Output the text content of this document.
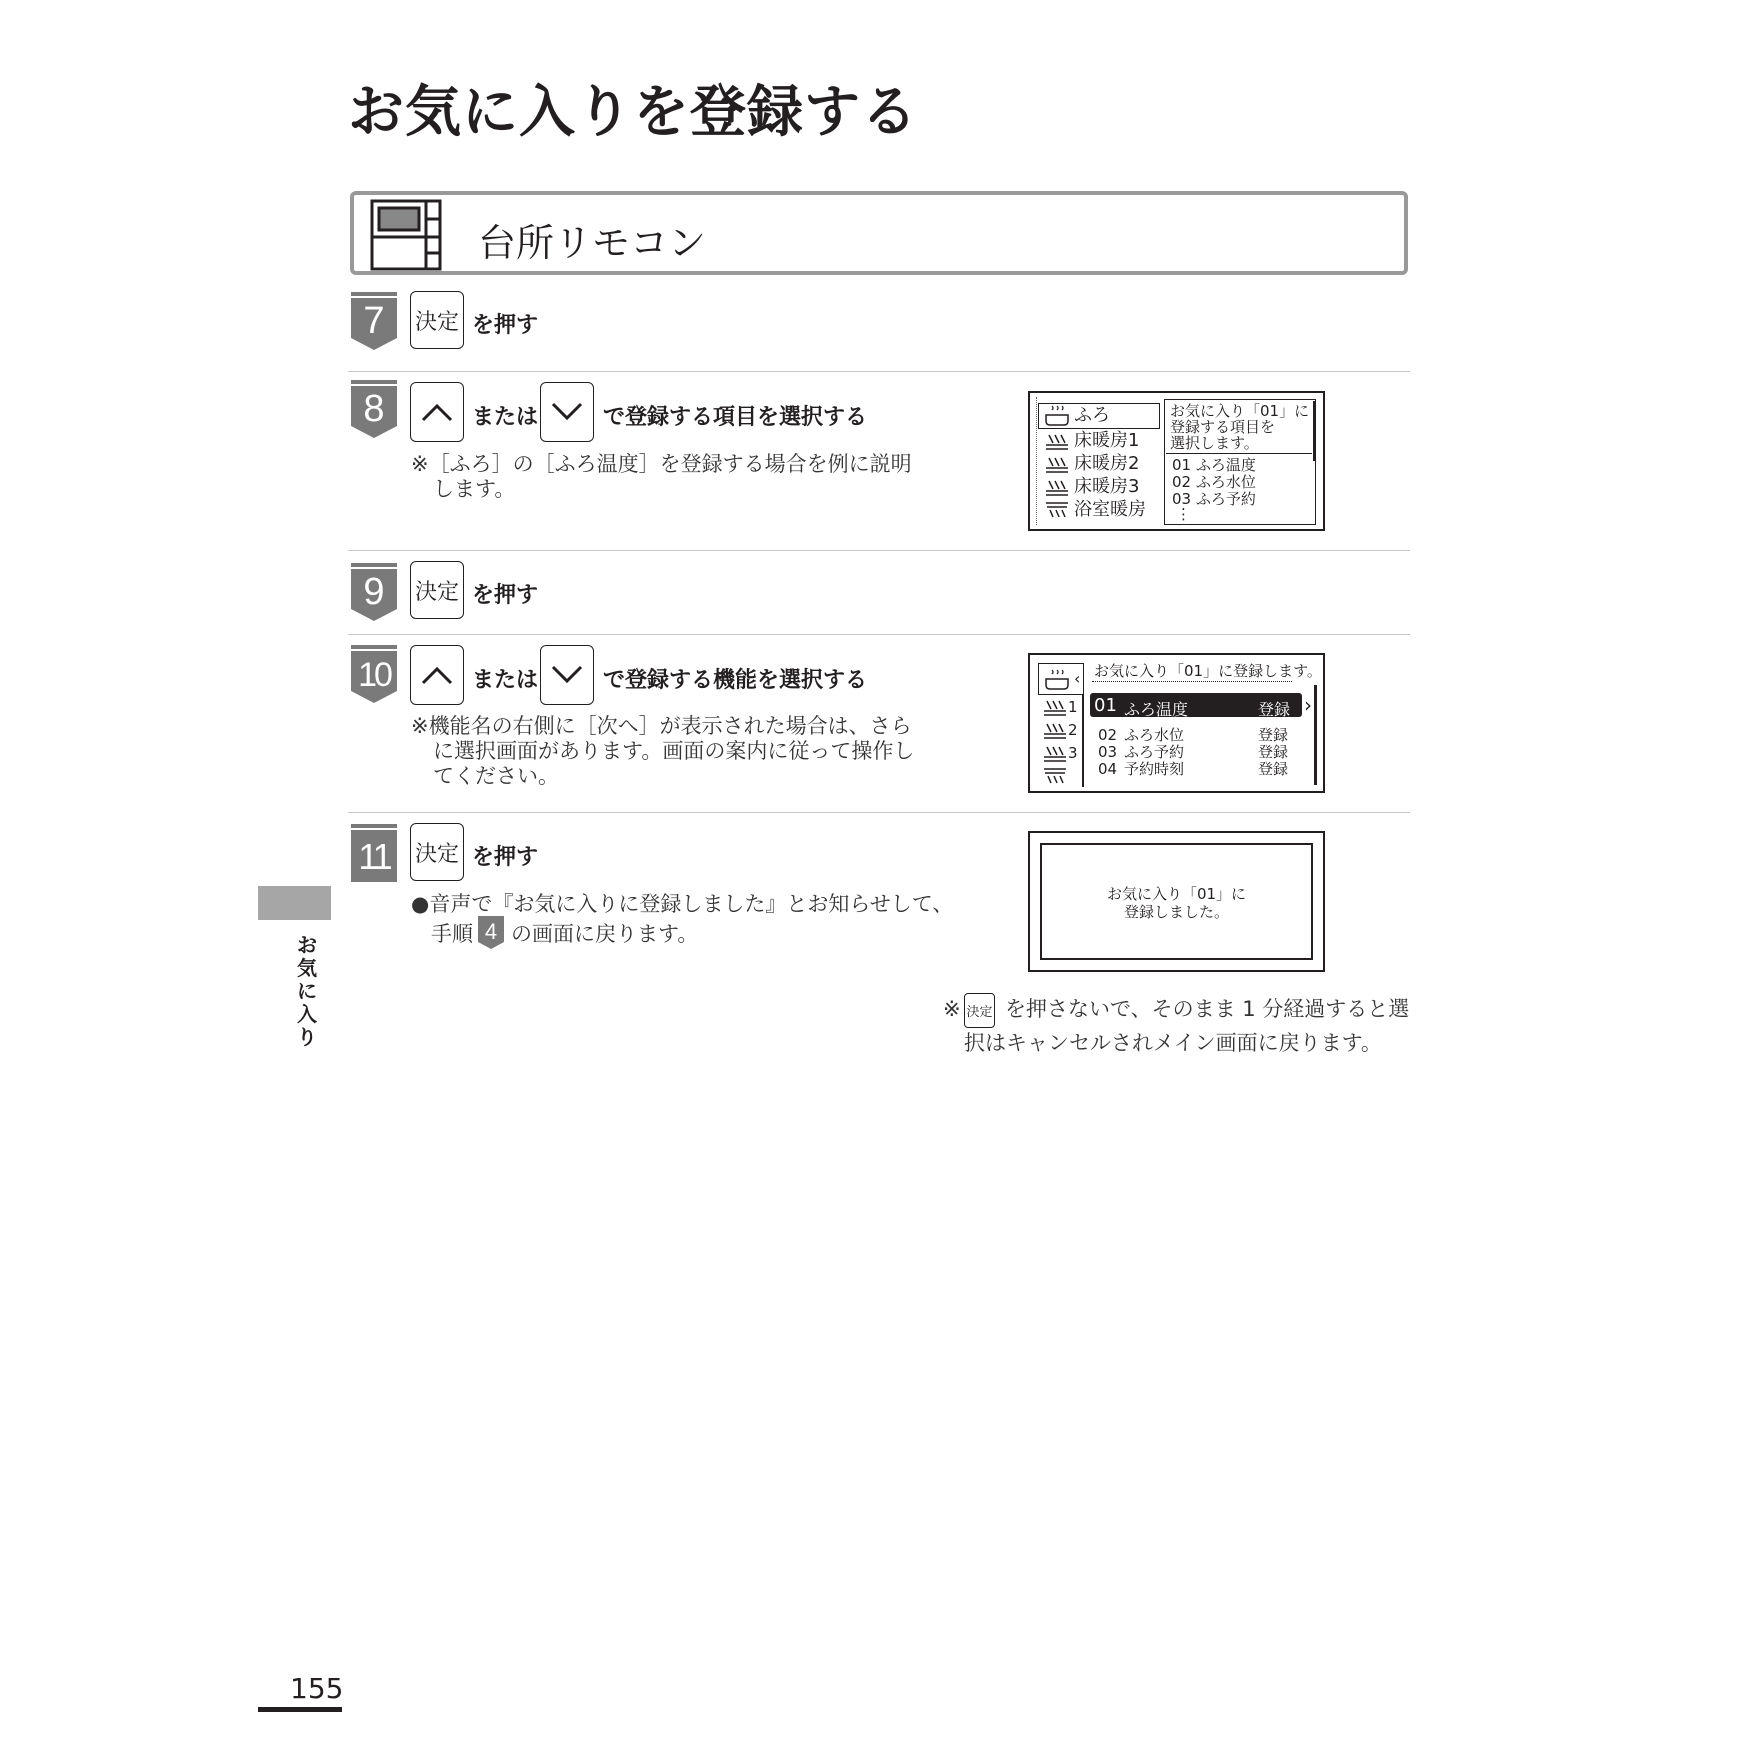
お気に入りを登録する
台所リモコン
7 決定 を押す
8	または	で登録する項目を選択する
※［ふろ］の［ふろ温度］を登録する場合を例に説明
します。
ふろ
床暖房1
床暖房2
床暖房3
浴室暖房
お気に入り「01」に
登録する項目を
選択します。
01 ふろ温度
02 ふろ水位
03 ふろ予約
⋮
9 決定 を押す
10	または	で登録する機能を選択する
※機能名の右側に［次へ］が表示された場合は、さら
に選択画面があります。画面の案内に従って操作し
てください。
‹ お気に入り「01」に登録します。
1
2
3
01 ふろ温度	登録 ›
02 ふろ水位	登録
03 ふろ予約	登録
04 予約時刻	登録
11 決定 を押す
●音声で『お気に入りに登録しました』とお知らせして、
手順 4 の画面に戻ります。
お気に入り「01」に
登録しました。
※ 決定 を押さないで、そのまま 1 分経過すると選
択はキャンセルされメイン画面に戻ります。
お気に入り
155
